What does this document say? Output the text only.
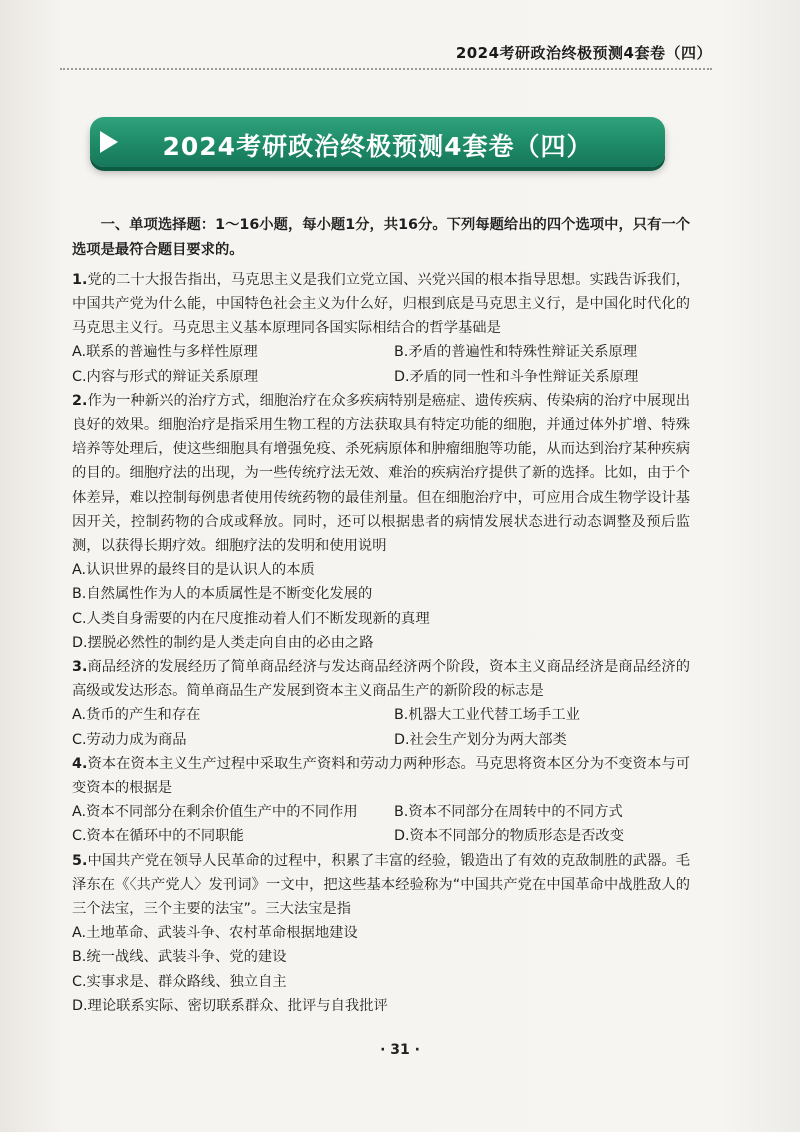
2024考研政治终极预测4套卷（四）
2024考研政治终极预测4套卷（四）

一、单项选择题：1～16小题，每小题1分，共16分。下列每题给出的四个选项中，只有一个选项是最符合题目要求的。

1.党的二十大报告指出，马克思主义是我们立党立国、兴党兴国的根本指导思想。实践告诉我们，中国共产党为什么能，中国特色社会主义为什么好，归根到底是马克思主义行，是中国化时代化的马克思主义行。马克思主义基本原理同各国实际相结合的哲学基础是

A.联系的普遍性与多样性原理	B.矛盾的普遍性和特殊性辩证关系原理
C.内容与形式的辩证关系原理	D.矛盾的同一性和斗争性辩证关系原理

2.作为一种新兴的治疗方式，细胞治疗在众多疾病特别是癌症、遗传疾病、传染病的治疗中展现出良好的效果。细胞治疗是指采用生物工程的方法获取具有特定功能的细胞，并通过体外扩增、特殊培养等处理后，使这些细胞具有增强免疫、杀死病原体和肿瘤细胞等功能，从而达到治疗某种疾病的目的。细胞疗法的出现，为一些传统疗法无效、难治的疾病治疗提供了新的选择。比如，由于个体差异，难以控制每例患者使用传统药物的最佳剂量。但在细胞治疗中，可应用合成生物学设计基因开关，控制药物的合成或释放。同时，还可以根据患者的病情发展状态进行动态调整及预后监测，以获得长期疗效。细胞疗法的发明和使用说明

A.认识世界的最终目的是认识人的本质
B.自然属性作为人的本质属性是不断变化发展的
C.人类自身需要的内在尺度推动着人们不断发现新的真理
D.摆脱必然性的制约是人类走向自由的必由之路

3.商品经济的发展经历了简单商品经济与发达商品经济两个阶段，资本主义商品经济是商品经济的高级或发达形态。简单商品生产发展到资本主义商品生产的新阶段的标志是

A.货币的产生和存在	B.机器大工业代替工场手工业
C.劳动力成为商品	D.社会生产划分为两大部类

4.资本在资本主义生产过程中采取生产资料和劳动力两种形态。马克思将资本区分为不变资本与可变资本的根据是

A.资本不同部分在剩余价值生产中的不同作用	B.资本不同部分在周转中的不同方式
C.资本在循环中的不同职能	D.资本不同部分的物质形态是否改变

5.中国共产党在领导人民革命的过程中，积累了丰富的经验，锻造出了有效的克敌制胜的武器。毛泽东在《〈共产党人〉发刊词》一文中，把这些基本经验称为“中国共产党在中国革命中战胜敌人的三个法宝，三个主要的法宝”。三大法宝是指

A.土地革命、武装斗争、农村革命根据地建设
B.统一战线、武装斗争、党的建设
C.实事求是、群众路线、独立自主
D.理论联系实际、密切联系群众、批评与自我批评
· 31 ·
